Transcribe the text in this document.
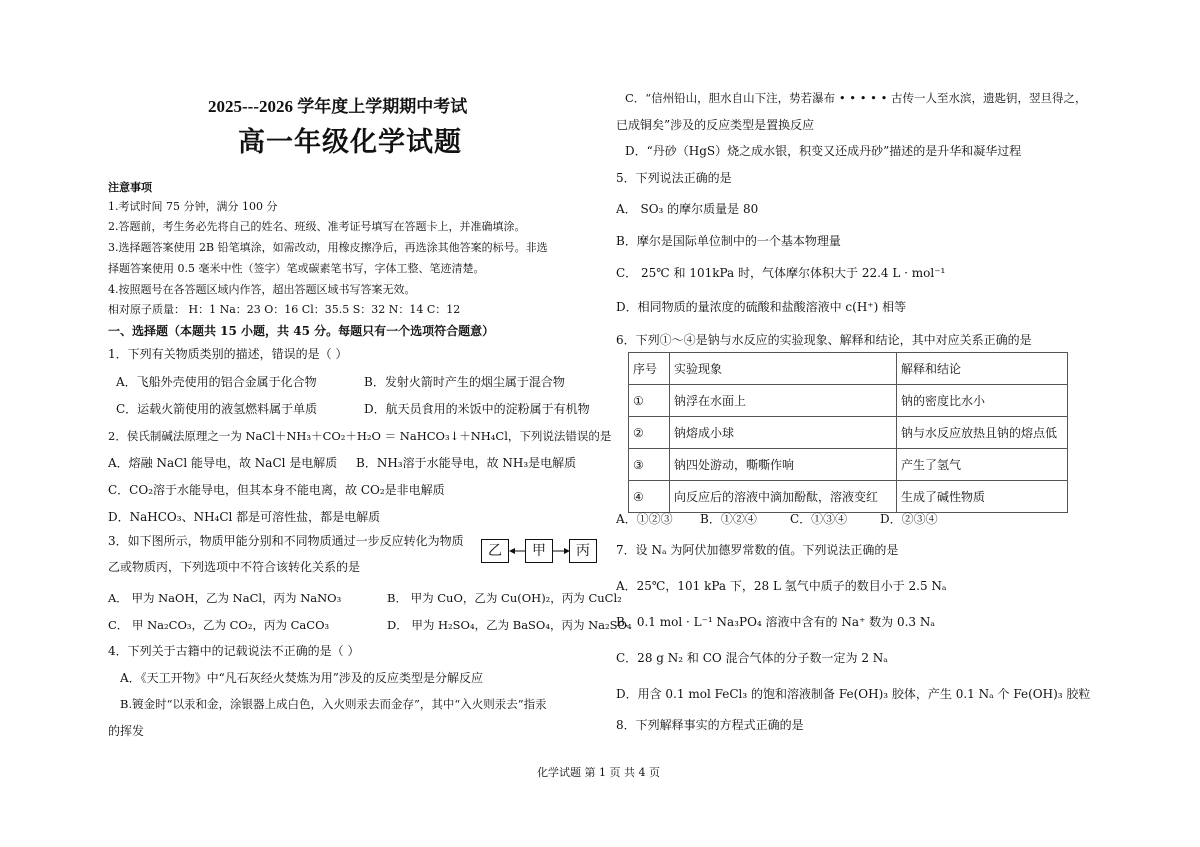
2025---2026 学年度上学期期中考试
高一年级化学试题
注意事项
1.考试时间 75 分钟，满分 100 分
2.答题前，考生务必先将自己的姓名、班级、准考证号填写在答题卡上，并准确填涂。
3.选择题答案使用 2B 铅笔填涂，如需改动，用橡皮擦净后，再选涂其他答案的标号。非选
择题答案使用 0.5 毫米中性（签字）笔或碳素笔书写，字体工整、笔迹清楚。
4.按照题号在各答题区域内作答，超出答题区域书写答案无效。
相对原子质量： H：1 Na：23 O：16 Cl：35.5 S：32 N：14 C：12
一、选择题（本题共 15 小题，共 45 分。每题只有一个选项符合题意）
1．下列有关物质类别的描述，错误的是（ ）
A．飞船外壳使用的铝合金属于化合物	B．发射火箭时产生的烟尘属于混合物
C．运载火箭使用的液氢燃料属于单质	D．航天员食用的米饭中的淀粉属于有机物
2．侯氏制碱法原理之一为 NaCl＋NH₃＋CO₂＋H₂O ＝ NaHCO₃↓＋NH₄Cl，下列说法错误的是
A．熔融 NaCl 能导电，故 NaCl 是电解质 B．NH₃溶于水能导电，故 NH₃是电解质
C．CO₂溶于水能导电，但其本身不能电离，故 CO₂是非电解质
D．NaHCO₃、NH₄Cl 都是可溶性盐，都是电解质
3．如下图所示，物质甲能分别和不同物质通过一步反应转化为物质
乙或物质丙，下列选项中不符合该转化关系的是
乙	甲	丙
A． 甲为 NaOH，乙为 NaCl，丙为 NaNO₃	B． 甲为 CuO，乙为 Cu(OH)₂，丙为 CuCl₂
C． 甲 Na₂CO₃，乙为 CO₂，丙为 CaCO₃	D． 甲为 H₂SO₄，乙为 BaSO₄，丙为 Na₂SO₄
4．下列关于古籍中的记载说法不正确的是（ ）
A．《天工开物》中“凡石灰经火焚炼为用”涉及的反应类型是分解反应
B.镀金时“以汞和金，涂银器上成白色，入火则汞去而金存”，其中“入火则汞去”指汞
的挥发
C．“信州铅山，胆水自山下注，势若瀑布 • • • • • 古传一人至水滨，遗匙钥，翌旦得之，
已成铜矣”涉及的反应类型是置换反应
D．“丹砂（HgS）烧之成水银，积变又还成丹砂”描述的是升华和凝华过程
5．下列说法正确的是
A． SO₃ 的摩尔质量是 80
B．摩尔是国际单位制中的一个基本物理量
C． 25℃ 和 101kPa 时，气体摩尔体积大于 22.4 L · mol⁻¹
D．相同物质的量浓度的硫酸和盐酸溶液中 c(H⁺) 相等
6．下列①～④是钠与水反应的实验现象、解释和结论，其中对应关系正确的是
序号	实验现象	解释和结论
①	钠浮在水面上	钠的密度比水小
②	钠熔成小球	钠与水反应放热且钠的熔点低
③	钠四处游动，嘶嘶作响	产生了氢气
④	向反应后的溶液中滴加酚酞，溶液变红	生成了碱性物质
A．①②③ B．①②④	C．①③④	D．②③④
7．设 Nₐ 为阿伏加德罗常数的值。下列说法正确的是
A．25℃，101 kPa 下，28 L 氢气中质子的数目小于 2.5 Nₐ
B．0.1 mol · L⁻¹ Na₃PO₄ 溶液中含有的 Na⁺ 数为 0.3 Nₐ
C．28 g N₂ 和 CO 混合气体的分子数一定为 2 Nₐ
D．用含 0.1 mol FeCl₃ 的饱和溶液制备 Fe(OH)₃ 胶体，产生 0.1 Nₐ 个 Fe(OH)₃ 胶粒
8．下列解释事实的方程式正确的是
化学试题 第 1 页 共 4 页
